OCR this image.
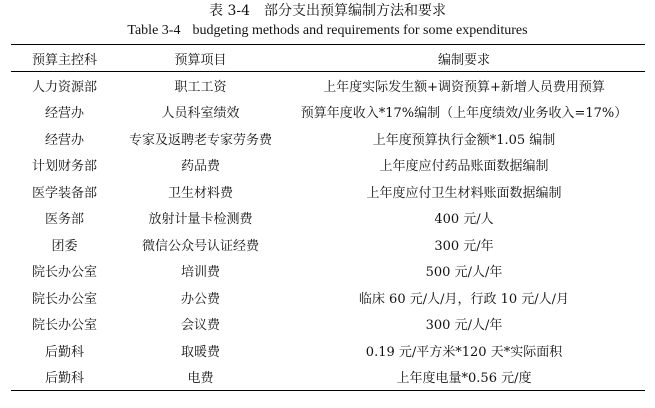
表 3-4 部分支出预算编制方法和要求
Table 3-4 budgeting methods and requirements for some expenditures
预算主控科	预算项目	编制要求
人力资源部	职工工资	上年度实际发生额+调资预算+新增人员费用预算
经营办	人员科室绩效	预算年度收入*17%编制（上年度绩效/业务收入=17%）
经营办	专家及返聘老专家劳务费	上年度预算执行金额*1.05 编制
计划财务部	药品费	上年度应付药品账面数据编制
医学装备部	卫生材料费	上年度应付卫生材料账面数据编制
医务部	放射计量卡检测费	400 元/人
团委	微信公众号认证经费	300 元/年
院长办公室	培训费	500 元/人/年
院长办公室	办公费	临床 60 元/人/月，行政 10 元/人/月
院长办公室	会议费	300 元/人/年
后勤科	取暖费	0.19 元/平方米*120 天*实际面积
后勤科	电费	上年度电量*0.56 元/度
